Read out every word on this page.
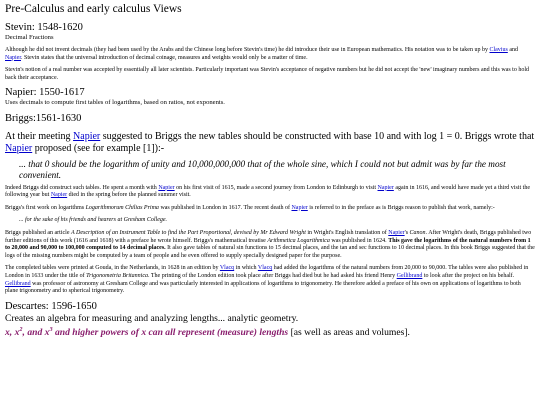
Pre-Calculus and early calculus Views
Stevin: 1548-1620
Decimal Fractions

Although he did not invent decimals (they had been used by the Arabs and the Chinese long before Stevin's time) he did introduce their use in European mathematics. His notation was to be taken up by Clavius and Napier. Stevin states that the universal introduction of decimal coinage, measures and weights would only be a matter of time.

Stevin's notion of a real number was accepted by essentially all later scientists. Particularly important was Stevin's acceptance of negative numbers but he did not accept the 'new' imaginary numbers and this was to hold back their acceptance.

Napier: 1550-1617
Uses decimals to compute first tables of logarithms, based on ratios, not exponents.
Briggs:1561-1630

At their meeting Napier suggested to Briggs the new tables should be constructed with base 10 and with log 1 = 0. Briggs wrote that Napier proposed (see for example [1]):-

... that 0 should be the logarithm of unity and 10,000,000,000 that of the whole sine, which I could not but admit was by far the most convenient.

Indeed Briggs did construct such tables. He spent a month with Napier on his first visit of 1615, made a second journey from London to Edinburgh to visit Napier again in 1616, and would have made yet a third visit the following year but Napier died in the spring before the planned summer visit.

Briggs's first work on logarithms Logarithmorum Chilias Prima was published in London in 1617. The recent death of Napier is referred to in the preface as is Briggs reason to publish that work, namely:-

... for the sake of his friends and hearers at Gresham College.

Briggs published an article A Description of an Instrument Table to find the Part Proportional, devised by Mr Edward Wright in Wright's English translation of Napier's Canon. After Wright's death, Briggs published two further editions of this work (1616 and 1618) with a preface he wrote himself. Briggs's mathematical treatise Arithmetica Logarithmica was published in 1624. This gave the logarithms of the natural numbers from 1 to 20,000 and 90,000 to 100,000 computed to 14 decimal places. It also gave tables of natural sin functions to 15 decimal places, and the tan and sec functions to 10 decimal places. In this book Briggs suggested that the logs of the missing numbers might be computed by a team of people and he even offered to supply specially designed paper for the purpose.

The completed tables were printed at Gouda, in the Netherlands, in 1628 in an edition by Vlacq in which Vlacq had added the logarithms of the natural numbers from 20,000 to 90,000. The tables were also published in London in 1633 under the title of Trigonometria Britannica. The printing of the London edition took place after Briggs had died but he had asked his friend Henry Gellibrand to look after the project on his behalf. Gellibrand was professor of astronomy at Gresham College and was particularly interested in applications of logarithms to trigonometry. He therefore added a preface of his own on applications of logarithms to both plane trigonometry and to spherical trigonometry.

Descartes: 1596-1650

Creates an algebra for measuring and analyzing lengths... analytic geometry.

x, $x^2$, and $x^3$ and higher powers of x can all represent (measure) lengths [as well as areas and volumes].
